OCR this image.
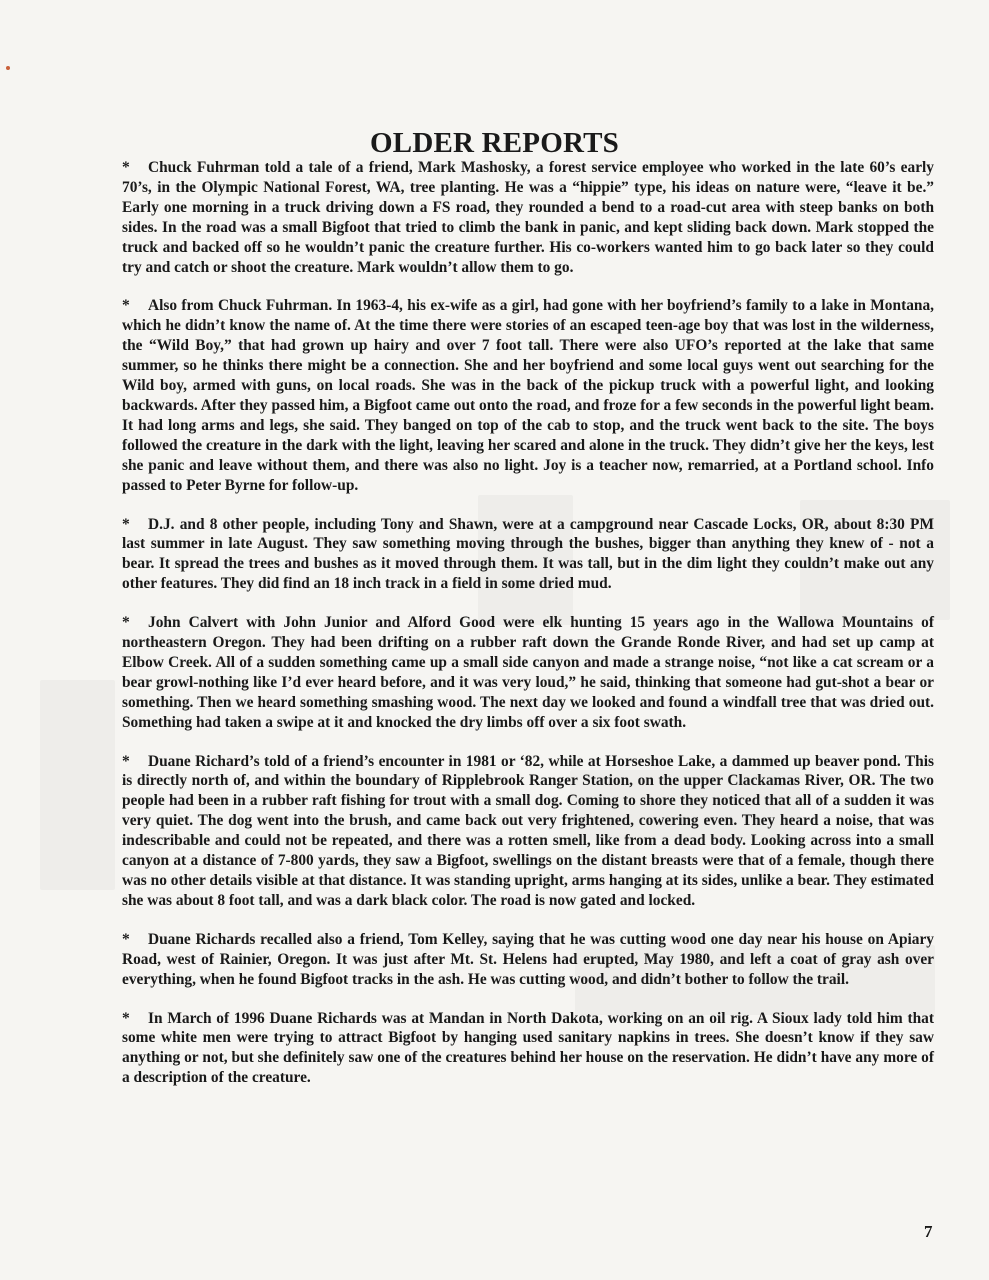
OLDER REPORTS

* Chuck Fuhrman told a tale of a friend, Mark Mashosky, a forest service employee who worked in the late 60’s early 70’s, in the Olympic National Forest, WA, tree planting. He was a “hippie” type, his ideas on nature were, “leave it be.” Early one morning in a truck driving down a FS road, they rounded a bend to a road-cut area with steep banks on both sides. In the road was a small Bigfoot that tried to climb the bank in panic, and kept sliding back down. Mark stopped the truck and backed off so he wouldn’t panic the creature further. His co-workers wanted him to go back later so they could try and catch or shoot the creature. Mark wouldn’t allow them to go.

* Also from Chuck Fuhrman. In 1963-4, his ex-wife as a girl, had gone with her boyfriend’s family to a lake in Montana, which he didn’t know the name of. At the time there were stories of an escaped teen-age boy that was lost in the wilderness, the “Wild Boy,” that had grown up hairy and over 7 foot tall. There were also UFO’s reported at the lake that same summer, so he thinks there might be a connection. She and her boyfriend and some local guys went out searching for the Wild boy, armed with guns, on local roads. She was in the back of the pickup truck with a powerful light, and looking backwards. After they passed him, a Bigfoot came out onto the road, and froze for a few seconds in the powerful light beam. It had long arms and legs, she said. They banged on top of the cab to stop, and the truck went back to the site. The boys followed the creature in the dark with the light, leaving her scared and alone in the truck. They didn’t give her the keys, lest she panic and leave without them, and there was also no light. Joy is a teacher now, remarried, at a Portland school. Info passed to Peter Byrne for follow-up.

* D.J. and 8 other people, including Tony and Shawn, were at a campground near Cascade Locks, OR, about 8:30 PM last summer in late August. They saw something moving through the bushes, bigger than anything they knew of - not a bear. It spread the trees and bushes as it moved through them. It was tall, but in the dim light they couldn’t make out any other features. They did find an 18 inch track in a field in some dried mud.

* John Calvert with John Junior and Alford Good were elk hunting 15 years ago in the Wallowa Mountains of northeastern Oregon. They had been drifting on a rubber raft down the Grande Ronde River, and had set up camp at Elbow Creek. All of a sudden something came up a small side canyon and made a strange noise, “not like a cat scream or a bear growl-nothing like I’d ever heard before, and it was very loud,” he said, thinking that someone had gut-shot a bear or something. Then we heard something smashing wood. The next day we looked and found a windfall tree that was dried out. Something had taken a swipe at it and knocked the dry limbs off over a six foot swath.

* Duane Richard’s told of a friend’s encounter in 1981 or ‘82, while at Horseshoe Lake, a dammed up beaver pond. This is directly north of, and within the boundary of Ripplebrook Ranger Station, on the upper Clackamas River, OR. The two people had been in a rubber raft fishing for trout with a small dog. Coming to shore they noticed that all of a sudden it was very quiet. The dog went into the brush, and came back out very frightened, cowering even. They heard a noise, that was indescribable and could not be repeated, and there was a rotten smell, like from a dead body. Looking across into a small canyon at a distance of 7-800 yards, they saw a Bigfoot, swellings on the distant breasts were that of a female, though there was no other details visible at that distance. It was standing upright, arms hanging at its sides, unlike a bear. They estimated she was about 8 foot tall, and was a dark black color. The road is now gated and locked.

* Duane Richards recalled also a friend, Tom Kelley, saying that he was cutting wood one day near his house on Apiary Road, west of Rainier, Oregon. It was just after Mt. St. Helens had erupted, May 1980, and left a coat of gray ash over everything, when he found Bigfoot tracks in the ash. He was cutting wood, and didn’t bother to follow the trail.

* In March of 1996 Duane Richards was at Mandan in North Dakota, working on an oil rig. A Sioux lady told him that some white men were trying to attract Bigfoot by hanging used sanitary napkins in trees. She doesn’t know if they saw anything or not, but she definitely saw one of the creatures behind her house on the reservation. He didn’t have any more of a description of the creature.

7
